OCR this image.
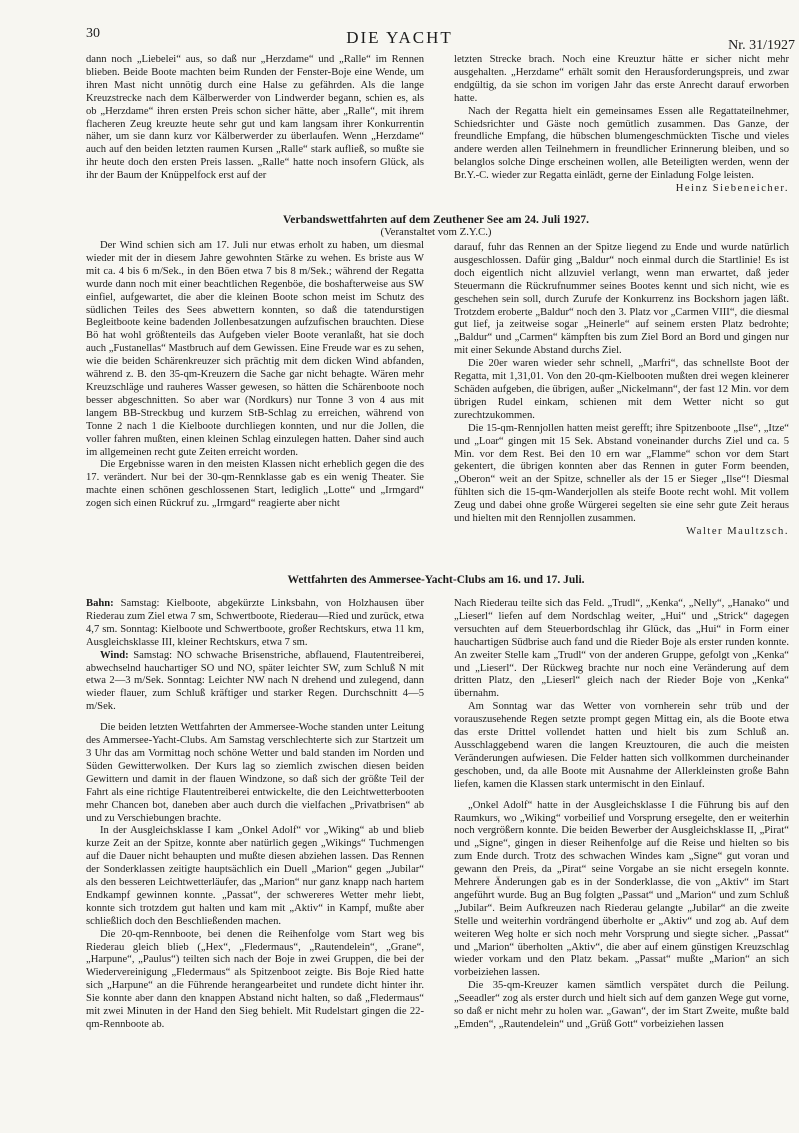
30	DIE YACHT	Nr. 31/1927

dann noch „Liebelei“ aus, so daß nur „Herzdame“ und „Ralle“ im Rennen blieben. Beide Boote machten beim Runden der Fenster-Boje eine Wende, um ihren Mast nicht unnötig durch eine Halse zu gefährden. Als die lange Kreuzstrecke nach dem Kälberwerder von Lindwerder begann, schien es, als ob „Herzdame“ ihren ersten Preis schon sicher hätte, aber „Ralle“, mit ihrem flacheren Zeug kreuzte heute sehr gut und kam langsam ihrer Konkurrentin näher, um sie dann kurz vor Kälberwerder zu überlaufen. Wenn „Herzdame“ auch auf den beiden letzten raumen Kursen „Ralle“ stark aufließ, so mußte sie ihr heute doch den ersten Preis lassen. „Ralle“ hatte noch insofern Glück, als ihr der Baum der Knüppelfock erst auf der

letzten Strecke brach. Noch eine Kreuztur hätte er sicher nicht mehr ausgehalten. „Herzdame“ erhält somit den Herausforderungspreis, und zwar endgültig, da sie schon im vorigen Jahr das erste Anrecht darauf erworben hatte.

Nach der Regatta hielt ein gemeinsames Essen alle Regattateilnehmer, Schiedsrichter und Gäste noch gemütlich zusammen. Das Ganze, der freundliche Empfang, die hübschen blumengeschmückten Tische und vieles andere werden allen Teilnehmern in freundlicher Erinnerung bleiben, und so belanglos solche Dinge erscheinen wollen, alle Beteiligten werden, wenn der Br.Y.-C. wieder zur Regatta einlädt, gerne der Einladung Folge leisten.

Heinz Siebeneicher.

Verbandswettfahrten auf dem Zeuthener See am 24. Juli 1927.
(Veranstaltet vom Z.Y.C.)

Der Wind schien sich am 17. Juli nur etwas erholt zu haben, um diesmal wieder mit der in diesem Jahre gewohnten Stärke zu wehen. Es briste aus W mit ca. 4 bis 6 m/Sek., in den Böen etwa 7 bis 8 m/Sek.; während der Regatta wurde dann noch mit einer beachtlichen Regenböe, die boshafterweise aus SW einfiel, aufgewartet, die aber die kleinen Boote schon meist im Schutz des südlichen Teiles des Sees abwettern konnten, so daß die tatendurstigen Begleitboote keine badenden Jollenbesatzungen aufzufischen brauchten. Diese Bö hat wohl größtenteils das Aufgeben vieler Boote veranlaßt, hat sie doch auch „Fustanellas“ Mastbruch auf dem Gewissen. Eine Freude war es zu sehen, wie die beiden Schärenkreuzer sich prächtig mit dem dicken Wind abfanden, während z. B. den 35-qm-Kreuzern die Sache gar nicht behagte. Wären mehr Kreuzschläge und rauheres Wasser gewesen, so hätten die Schärenboote noch besser abgeschnitten. So aber war (Nordkurs) nur Tonne 3 von 4 aus mit langem BB-Streckbug und kurzem StB-Schlag zu erreichen, während von Tonne 2 nach 1 die Kielboote durchliegen konnten, und nur die Jollen, die voller fahren mußten, einen kleinen Schlag einzulegen hatten. Daher sind auch im allgemeinen recht gute Zeiten erreicht worden.

Die Ergebnisse waren in den meisten Klassen nicht erheblich gegen die des 17. verändert. Nur bei der 30-qm-Rennklasse gab es ein wenig Theater. Sie machte einen schönen geschlossenen Start, lediglich „Lotte“ und „Irmgard“ zogen sich einen Rückruf zu. „Irmgard“ reagierte aber nicht

darauf, fuhr das Rennen an der Spitze liegend zu Ende und wurde natürlich ausgeschlossen. Dafür ging „Baldur“ noch einmal durch die Startlinie! Es ist doch eigentlich nicht allzuviel verlangt, wenn man erwartet, daß jeder Steuermann die Rückrufnummer seines Bootes kennt und sich nicht, wie es geschehen sein soll, durch Zurufe der Konkurrenz ins Bockshorn jagen läßt. Trotzdem eroberte „Baldur“ noch den 3. Platz vor „Carmen VIII“, die diesmal gut lief, ja zeitweise sogar „Heinerle“ auf seinem ersten Platz bedrohte; „Baldur“ und „Carmen“ kämpften bis zum Ziel Bord an Bord und gingen nur mit einer Sekunde Abstand durchs Ziel.

Die 20er waren wieder sehr schnell, „Marfri“, das schnellste Boot der Regatta, mit 1,31,01. Von den 20-qm-Kielbooten mußten drei wegen kleinerer Schäden aufgeben, die übrigen, außer „Nickelmann“, der fast 12 Min. vor dem übrigen Rudel einkam, schienen mit dem Wetter nicht so gut zurechtzukommen.

Die 15-qm-Rennjollen hatten meist gerefft; ihre Spitzenboote „Ilse“, „Itze“ und „Loar“ gingen mit 15 Sek. Abstand voneinander durchs Ziel und ca. 5 Min. vor dem Rest. Bei den 10 ern war „Flamme“ schon vor dem Start gekentert, die übrigen konnten aber das Rennen in guter Form beenden, „Oberon“ weit an der Spitze, schneller als der 15 er Sieger „Ilse“! Diesmal fühlten sich die 15-qm-Wanderjollen als steife Boote recht wohl. Mit vollem Zeug und dabei ohne große Würgerei segelten sie eine sehr gute Zeit heraus und hielten mit den Rennjollen zusammen.

Walter Maultzsch.

Wettfahrten des Ammersee-Yacht-Clubs am 16. und 17. Juli.

Bahn: Samstag: Kielboote, abgekürzte Linksbahn, von Holzhausen über Riederau zum Ziel etwa 7 sm, Schwertboote, Riederau—Ried und zurück, etwa 4,7 sm. Sonntag: Kielboote und Schwertboote, großer Rechtskurs, etwa 11 km, Ausgleichsklasse III, kleiner Rechtskurs, etwa 7 sm.

Wind: Samstag: NO schwache Brisenstriche, abflauend, Flautentreiberei, abwechselnd hauchartiger SO und NO, später leichter SW, zum Schluß N mit etwa 2—3 m/Sek. Sonntag: Leichter NW nach N drehend und zulegend, dann wieder flauer, zum Schluß kräftiger und starker Regen. Durchschnitt 4—5 m/Sek.

Die beiden letzten Wettfahrten der Ammersee-Woche standen unter Leitung des Ammersee-Yacht-Clubs. Am Samstag verschlechterte sich zur Startzeit um 3 Uhr das am Vormittag noch schöne Wetter und bald standen im Norden und Süden Gewitterwolken. Der Kurs lag so ziemlich zwischen diesen beiden Gewittern und damit in der flauen Windzone, so daß sich der größte Teil der Fahrt als eine richtige Flautentreiberei entwickelte, die den Leichtwetterbooten mehr Chancen bot, daneben aber auch durch die vielfachen „Privatbrisen“ ab und zu Verschiebungen brachte.

In der Ausgleichsklasse I kam „Onkel Adolf“ vor „Wiking“ ab und blieb kurze Zeit an der Spitze, konnte aber natürlich gegen „Wikings“ Tuchmengen auf die Dauer nicht behaupten und mußte diesen abziehen lassen. Das Rennen der Sonderklassen zeitigte hauptsächlich ein Duell „Marion“ gegen „Jubilar“ als den besseren Leichtwetterläufer, das „Marion“ nur ganz knapp nach hartem Endkampf gewinnen konnte. „Passat“, der schwereres Wetter mehr liebt, konnte sich trotzdem gut halten und kam mit „Aktiv“ in Kampf, mußte aber schließlich doch den Beschließenden machen.

Die 20-qm-Rennboote, bei denen die Reihenfolge vom Start weg bis Riederau gleich blieb („Hex“, „Fledermaus“, „Rautendelein“, „Grane“, „Harpune“, „Paulus“) teilten sich nach der Boje in zwei Gruppen, die bei der Wiedervereinigung „Fledermaus“ als Spitzenboot zeigte. Bis Boje Ried hatte sich „Harpune“ an die Führende herangearbeitet und rundete dicht hinter ihr. Sie konnte aber dann den knappen Abstand nicht halten, so daß „Fledermaus“ mit zwei Minuten in der Hand den Sieg behielt. Mit Rudelstart gingen die 22-qm-Rennboote ab.

Nach Riederau teilte sich das Feld. „Trudl“, „Kenka“, „Nelly“, „Hanako“ und „Lieserl“ liefen auf dem Nordschlag weiter, „Hui“ und „Strick“ dagegen versuchten auf dem Steuerbordschlag ihr Glück, das „Hui“ in Form einer hauchartigen Südbrise auch fand und die Rieder Boje als erster runden konnte. An zweiter Stelle kam „Trudl“ von der anderen Gruppe, gefolgt von „Kenka“ und „Lieserl“. Der Rückweg brachte nur noch eine Veränderung auf dem dritten Platz, den „Lieserl“ gleich nach der Rieder Boje von „Kenka“ übernahm.

Am Sonntag war das Wetter von vornherein sehr trüb und der vorauszusehende Regen setzte prompt gegen Mittag ein, als die Boote etwa das erste Drittel vollendet hatten und hielt bis zum Schluß an. Ausschlaggebend waren die langen Kreuztouren, die auch die meisten Veränderungen aufwiesen. Die Felder hatten sich vollkommen durcheinander geschoben, und, da alle Boote mit Ausnahme der Allerkleinsten große Bahn liefen, kamen die Klassen stark untermischt in den Einlauf.

„Onkel Adolf“ hatte in der Ausgleichsklasse I die Führung bis auf den Raumkurs, wo „Wiking“ vorbeilief und Vorsprung ersegelte, den er weiterhin noch vergrößern konnte. Die beiden Bewerber der Ausgleichsklasse II, „Pirat“ und „Signe“, gingen in dieser Reihenfolge auf die Reise und hielten so bis zum Ende durch. Trotz des schwachen Windes kam „Signe“ gut voran und gewann den Preis, da „Pirat“ seine Vorgabe an sie nicht ersegeln konnte. Mehrere Änderungen gab es in der Sonderklasse, die von „Aktiv“ im Start angeführt wurde. Bug an Bug folgten „Passat“ und „Marion“ und zum Schluß „Jubilar“. Beim Aufkreuzen nach Riederau gelangte „Jubilar“ an die zweite Stelle und weiterhin vordrängend überholte er „Aktiv“ und zog ab. Auf dem weiteren Weg holte er sich noch mehr Vorsprung und siegte sicher. „Passat“ und „Marion“ überholten „Aktiv“, die aber auf einem günstigen Kreuzschlag wieder vorkam und den Platz bekam. „Passat“ mußte „Marion“ an sich vorbeiziehen lassen.

Die 35-qm-Kreuzer kamen sämtlich verspätet durch die Peilung. „Seeadler“ zog als erster durch und hielt sich auf dem ganzen Wege gut vorne, so daß er nicht mehr zu holen war. „Gawan“, der im Start Zweite, mußte bald „Emden“, „Rautendelein“ und „Grüß Gott“ vorbeiziehen lassen
